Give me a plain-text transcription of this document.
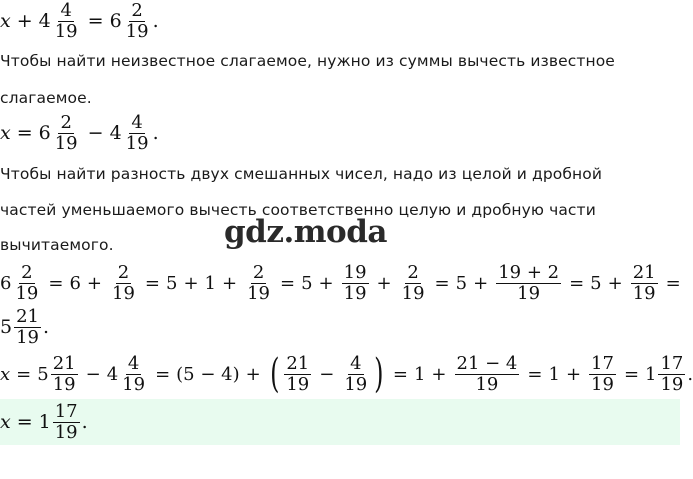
$x + 4 \frac{4}{19} = 6 \frac{2}{19}$ .
Чтобы найти неизвестное слагаемое, нужно из суммы вычесть известное
слагаемое.
$x = 6 \frac{2}{19} - 4 \frac{4}{19}$ .
Чтобы найти разность двух смешанных чисел, надо из целой и дробной
частей уменьшаемого вычесть соответственно целую и дробную части
вычитаемого.	gdz.moda
$6 \frac{2}{19} = 6 + \frac{2}{19} = 5 + 1 + \frac{2}{19} = 5 + \frac{19}{19} + \frac{2}{19} = 5 + \frac{19 + 2}{19} = 5 + \frac{21}{19}$ =
$5 \frac{21}{19}$ .
$x = 5 \frac{21}{19} - 4 \frac{4}{19} = (5 - 4)$ + ( $\frac{21}{19} - \frac{4}{19}$ ) = $1 + \frac{21 - 4}{19} = 1 + \frac{17}{19} = 1 \frac{17}{19}$ .
$x = 1 \frac{17}{19}$ .
